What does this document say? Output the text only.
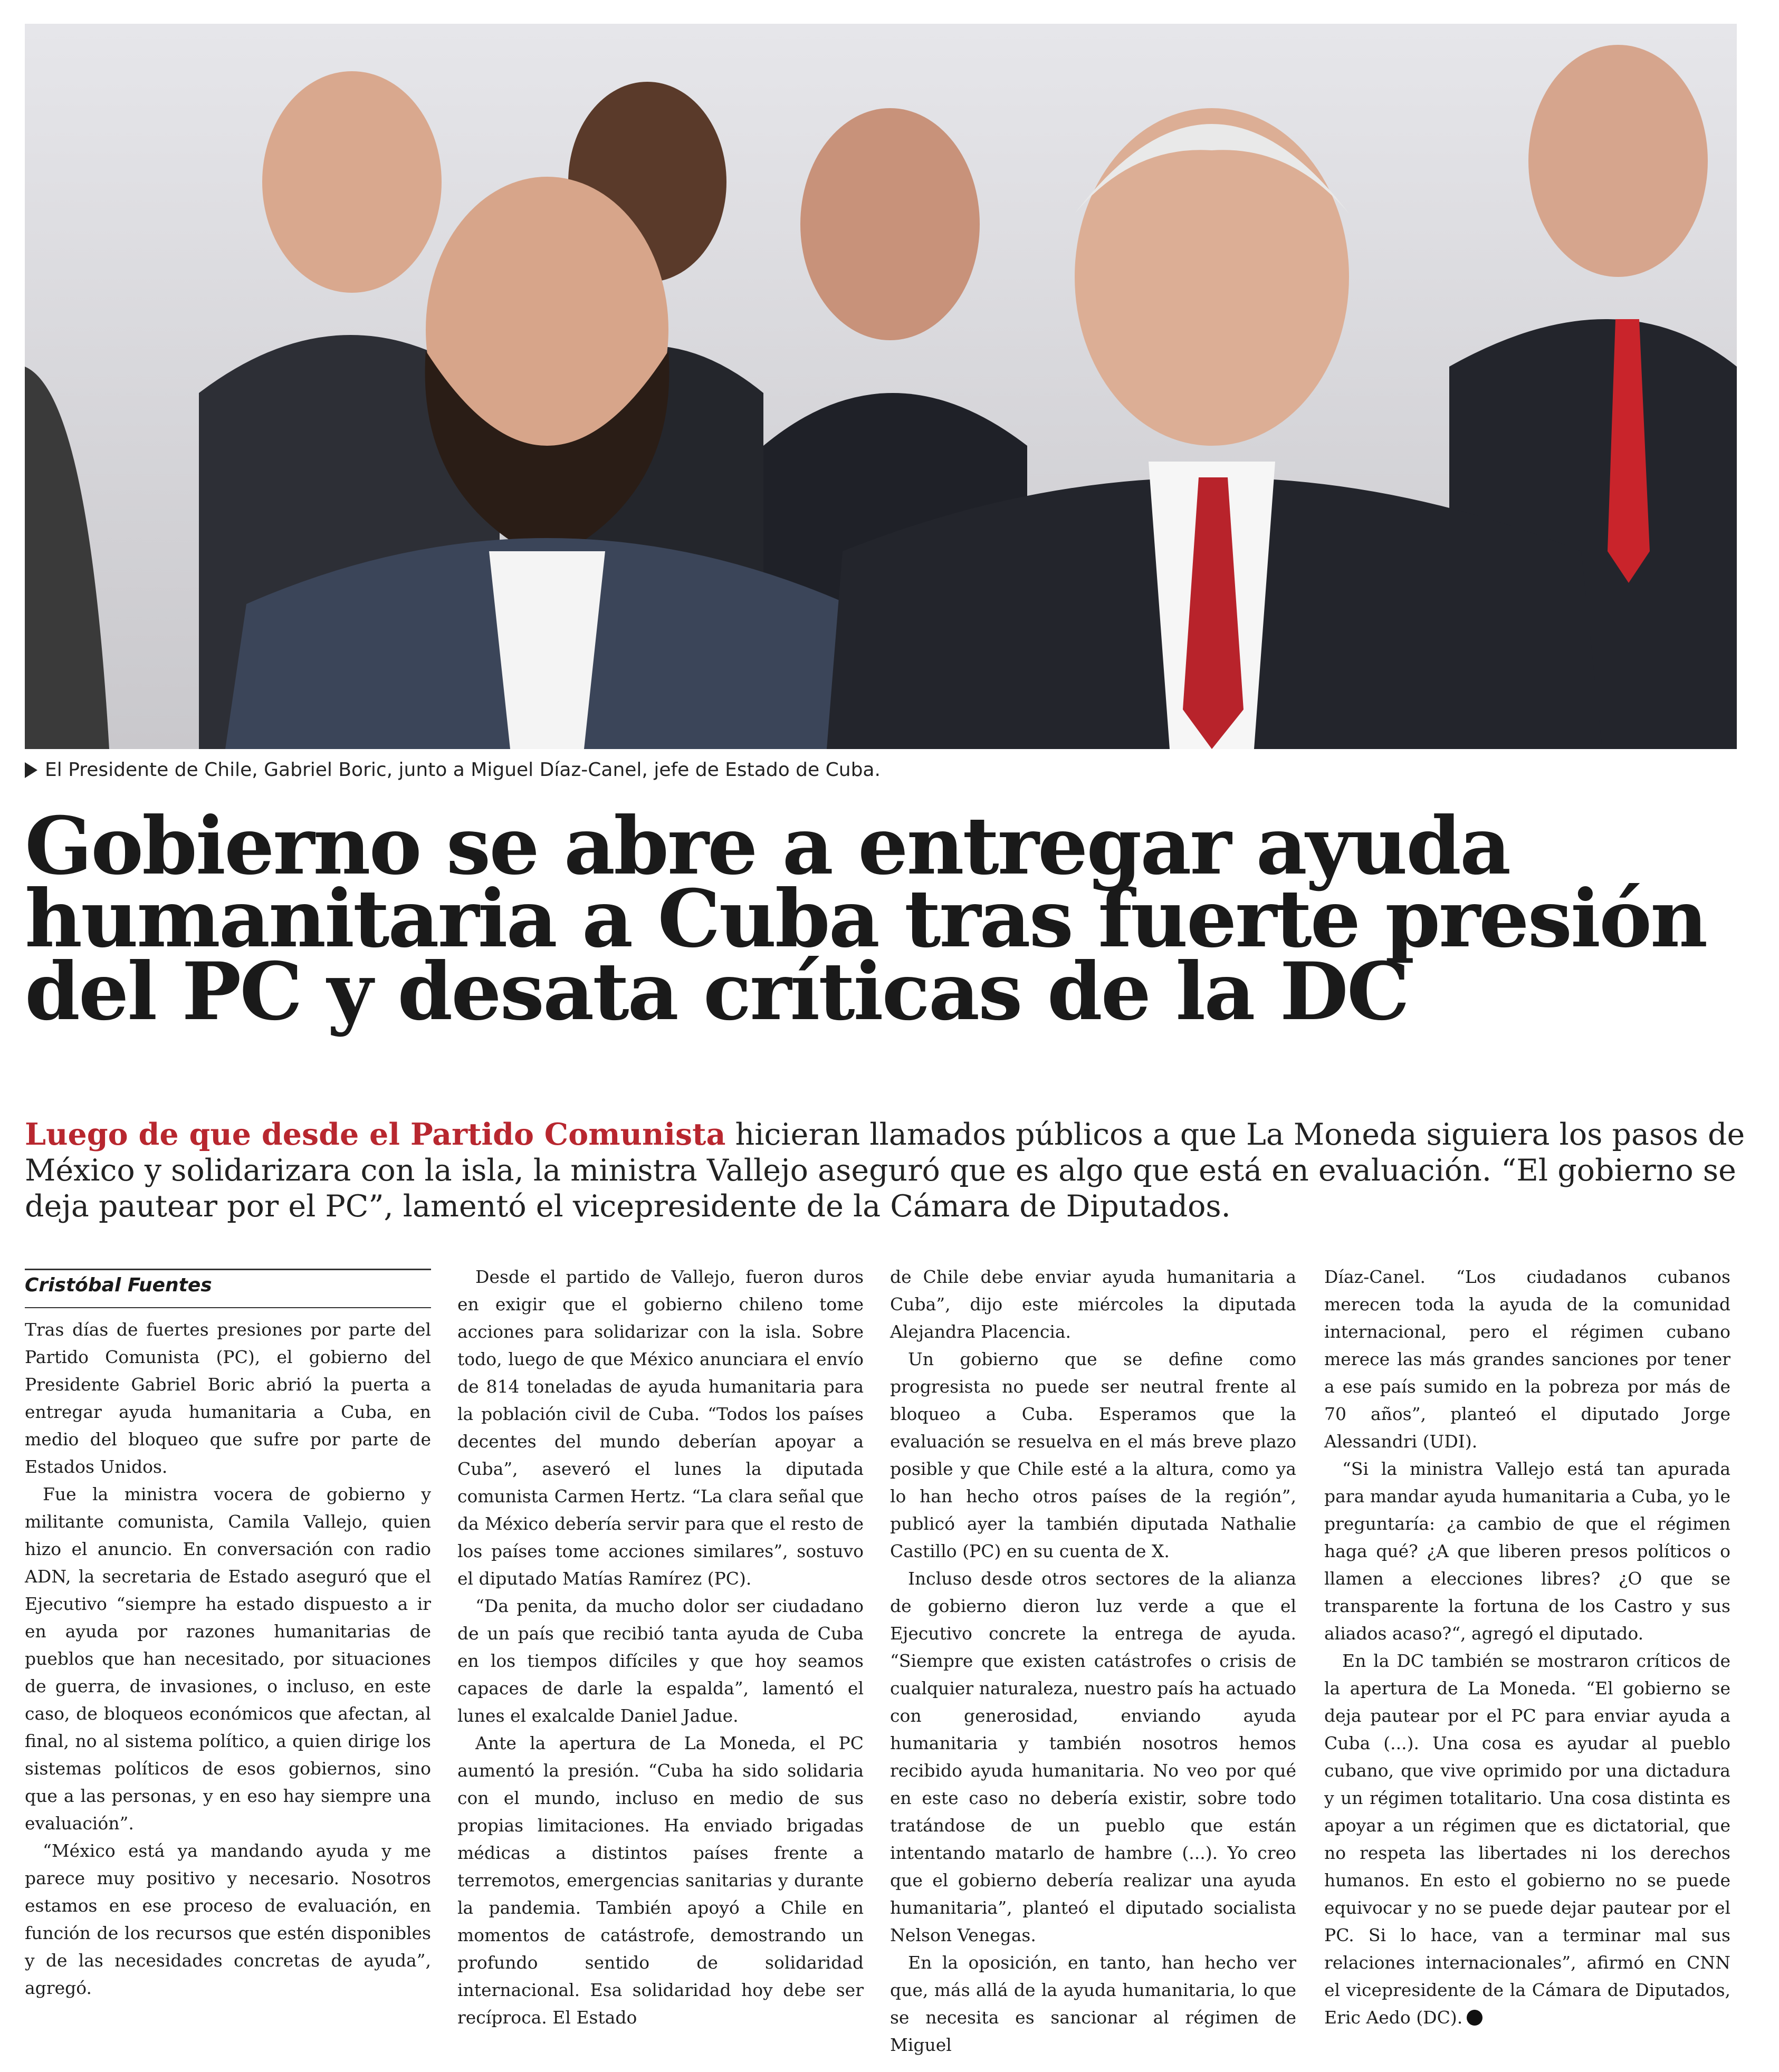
El Presidente de Chile, Gabriel Boric, junto a Miguel Díaz-Canel, jefe de Estado de Cuba.
Gobierno se abre a entregar ayuda
humanitaria a Cuba tras fuerte presión
del PC y desata críticas de la DC
Luego de que desde el Partido Comunista hicieran llamados públicos a que La Moneda siguiera los pasos de México y solidarizara con la isla, la ministra Vallejo aseguró que es algo que está en evaluación. “El gobierno se deja pautear por el PC”, lamentó el vicepresidente de la Cámara de Diputados.
Cristóbal Fuentes

Tras días de fuertes presiones por parte del Partido Comunista (PC), el gobierno del Presidente Gabriel Boric abrió la puerta a entregar ayuda humanitaria a Cuba, en medio del bloqueo que sufre por parte de Estados Unidos.

Fue la ministra vocera de gobierno y militante comunista, Camila Vallejo, quien hizo el anuncio. En conversación con radio ADN, la secretaria de Estado aseguró que el Ejecutivo “siempre ha estado dispuesto a ir en ayuda por razones humanitarias de pueblos que han necesitado, por situaciones de guerra, de invasiones, o incluso, en este caso, de bloqueos económicos que afectan, al final, no al sistema político, a quien dirige los sistemas políticos de esos gobiernos, sino que a las personas, y en eso hay siempre una evaluación”.

“México está ya mandando ayuda y me parece muy positivo y necesario. Nosotros estamos en ese proceso de evaluación, en función de los recursos que estén disponibles y de las necesidades concretas de ayuda”, agregó.

Desde el partido de Vallejo, fueron duros en exigir que el gobierno chileno tome acciones para solidarizar con la isla. Sobre todo, luego de que México anunciara el envío de 814 toneladas de ayuda humanitaria para la población civil de Cuba. “Todos los países decentes del mundo deberían apoyar a Cuba”, aseveró el lunes la diputada comunista Carmen Hertz. “La clara señal que da México debería servir para que el resto de los países tome acciones similares”, sostuvo el diputado Matías Ramírez (PC).

“Da penita, da mucho dolor ser ciudadano de un país que recibió tanta ayuda de Cuba en los tiempos difíciles y que hoy seamos capaces de darle la espalda”, lamentó el lunes el exalcalde Daniel Jadue.

Ante la apertura de La Moneda, el PC aumentó la presión. “Cuba ha sido solidaria con el mundo, incluso en medio de sus propias limitaciones. Ha enviado brigadas médicas a distintos países frente a terremotos, emergencias sanitarias y durante la pandemia. También apoyó a Chile en momentos de catástrofe, demostrando un profundo sentido de solidaridad internacional. Esa solidaridad hoy debe ser recíproca. El Estado

de Chile debe enviar ayuda humanitaria a Cuba”, dijo este miércoles la diputada Alejandra Placencia.

Un gobierno que se define como progresista no puede ser neutral frente al bloqueo a Cuba. Esperamos que la evaluación se resuelva en el más breve plazo posible y que Chile esté a la altura, como ya lo han hecho otros países de la región”, publicó ayer la también diputada Nathalie Castillo (PC) en su cuenta de X.

Incluso desde otros sectores de la alianza de gobierno dieron luz verde a que el Ejecutivo concrete la entrega de ayuda. “Siempre que existen catástrofes o crisis de cualquier naturaleza, nuestro país ha actuado con generosidad, enviando ayuda humanitaria y también nosotros hemos recibido ayuda humanitaria. No veo por qué en este caso no debería existir, sobre todo tratándose de un pueblo que están intentando matarlo de hambre (...). Yo creo que el gobierno debería realizar una ayuda humanitaria”, planteó el diputado socialista Nelson Venegas.

En la oposición, en tanto, han hecho ver que, más allá de la ayuda humanitaria, lo que se necesita es sancionar al régimen de Miguel

Díaz-Canel. “Los ciudadanos cubanos merecen toda la ayuda de la comunidad internacional, pero el régimen cubano merece las más grandes sanciones por tener a ese país sumido en la pobreza por más de 70 años”, planteó el diputado Jorge Alessandri (UDI).

“Si la ministra Vallejo está tan apurada para mandar ayuda humanitaria a Cuba, yo le preguntaría: ¿a cambio de que el régimen haga qué? ¿A que liberen presos políticos o llamen a elecciones libres? ¿O que se transparente la fortuna de los Castro y sus aliados acaso?“, agregó el diputado.

En la DC también se mostraron críticos de la apertura de La Moneda. “El gobierno se deja pautear por el PC para enviar ayuda a Cuba (...). Una cosa es ayudar al pueblo cubano, que vive oprimido por una dictadura y un régimen totalitario. Una cosa distinta es apoyar a un régimen que es dictatorial, que no respeta las libertades ni los derechos humanos. En esto el gobierno no se puede equivocar y no se puede dejar pautear por el PC. Si lo hace, van a terminar mal sus relaciones internacionales”, afirmó en CNN el vicepresidente de la Cámara de Diputados, Eric Aedo (DC).
